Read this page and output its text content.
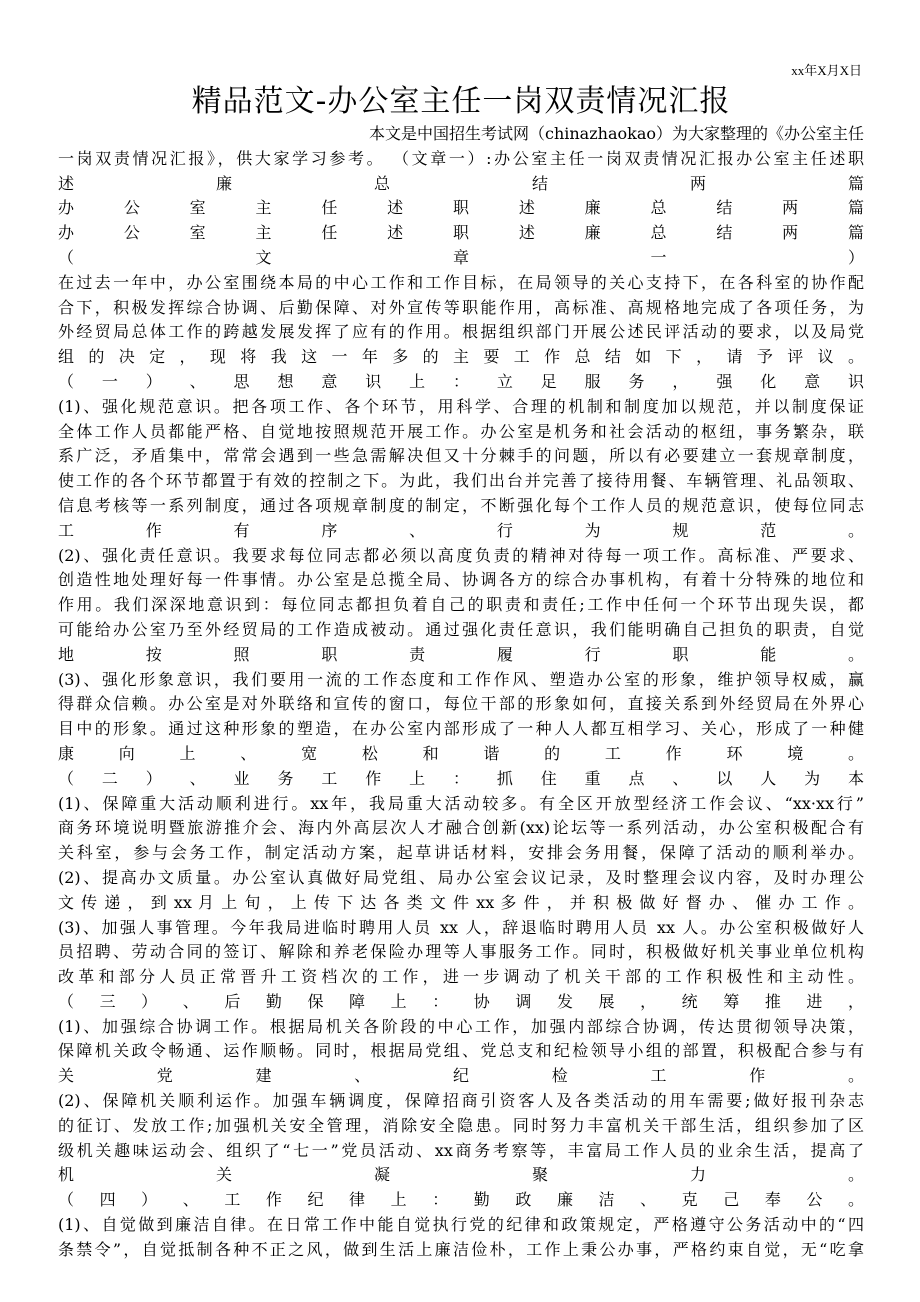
xx年X月X日
精品范文-办公室主任一岗双责情况汇报
本文是中国招生考试网（chinazhaokao）为大家整理的《办公室主任
一岗双责情况汇报》，供大家学习参考。 （文章一）:办公室主任一岗双责情况汇报办公室主任述职
述 廉 总 结 两 篇
办 公 室 主 任 述 职 述 廉 总 结 两 篇
办 公 室 主 任 述 职 述 廉 总 结 两 篇
（ 文 章 一 ）
在过去一年中，办公室围绕本局的中心工作和工作目标，在局领导的关心支持下，在各科室的协作配
合下，积极发挥综合协调、后勤保障、对外宣传等职能作用，高标准、高规格地完成了各项任务，为
外经贸局总体工作的跨越发展发挥了应有的作用。根据组织部门开展公述民评活动的要求，以及局党
组 的 决 定 ， 现 将 我 这 一 年 多 的 主 要 工 作 总 结 如 下 ， 请 予 评 议 。
（ 一 ） 、 思 想 意 识 上 ： 立 足 服 务 ， 强 化 意 识
(1)、强化规范意识。把各项工作、各个环节，用科学、合理的机制和制度加以规范，并以制度保证
全体工作人员都能严格、自觉地按照规范开展工作。办公室是机务和社会活动的枢纽，事务繁杂，联
系广泛，矛盾集中，常常会遇到一些急需解决但又十分棘手的问题，所以有必要建立一套规章制度，
使工作的各个环节都置于有效的控制之下。为此，我们出台并完善了接待用餐、车辆管理、礼品领取、
信息考核等一系列制度，通过各项规章制度的制定，不断强化每个工作人员的规范意识，使每位同志
工 作 有 序 、 行 为 规 范 。
(2)、强化责任意识。我要求每位同志都必须以高度负责的精神对待每一项工作。高标准、严要求、
创造性地处理好每一件事情。办公室是总揽全局、协调各方的综合办事机构，有着十分特殊的地位和
作用。我们深深地意识到：每位同志都担负着自己的职责和责任;工作中任何一个环节出现失误，都
可能给办公室乃至外经贸局的工作造成被动。通过强化责任意识，我们能明确自己担负的职责，自觉
地 按 照 职 责 履 行 职 能 。
(3)、强化形象意识，我们要用一流的工作态度和工作作风、塑造办公室的形象，维护领导权威，赢
得群众信赖。办公室是对外联络和宣传的窗口，每位干部的形象如何，直接关系到外经贸局在外界心
目中的形象。通过这种形象的塑造，在办公室内部形成了一种人人都互相学习、关心，形成了一种健
康 向 上 、 宽 松 和 谐 的 工 作 环 境 。
（ 二 ） 、 业 务 工 作 上 ： 抓 住 重 点 、 以 人 为 本
(1)、保障重大活动顺利进行。xx年，我局重大活动较多。有全区开放型经济工作会议、“xx·xx行”
商务环境说明暨旅游推介会、海内外高层次人才融合创新(xx)论坛等一系列活动，办公室积极配合有
关科室，参与会务工作，制定活动方案，起草讲话材料，安排会务用餐，保障了活动的顺利举办。
(2)、提高办文质量。办公室认真做好局党组、局办公室会议记录，及时整理会议内容，及时办理公
文 传 递 ， 到 xx 月 上 旬 ， 上 传 下 达 各 类 文 件 xx 多 件 ， 并 积 极 做 好 督 办 、 催 办 工 作 。
(3)、加强人事管理。今年我局进临时聘用人员 xx 人，辞退临时聘用人员 xx 人。办公室积极做好人
员招聘、劳动合同的签订、解除和养老保险办理等人事服务工作。同时，积极做好机关事业单位机构
改革和部分人员正常晋升工资档次的工作，进一步调动了机关干部的工作积极性和主动性。
（ 三 ） 、 后 勤 保 障 上 ： 协 调 发 展 ， 统 筹 推 进 ，
(1)、加强综合协调工作。根据局机关各阶段的中心工作，加强内部综合协调，传达贯彻领导决策，
保障机关政令畅通、运作顺畅。同时，根据局党组、党总支和纪检领导小组的部置，积极配合参与有
关 党 建 、 纪 检 工 作 。
(2)、保障机关顺利运作。加强车辆调度，保障招商引资客人及各类活动的用车需要;做好报刊杂志
的征订、发放工作;加强机关安全管理，消除安全隐患。同时努力丰富机关干部生活，组织参加了区
级机关趣味运动会、组织了“七一”党员活动、xx商务考察等，丰富局工作人员的业余生活，提高了
机 关 凝 聚 力 。
（ 四 ） 、 工 作 纪 律 上 ： 勤 政 廉 洁 、 克 己 奉 公 。
(1)、自觉做到廉洁自律。在日常工作中能自觉执行党的纪律和政策规定，严格遵守公务活动中的“四
条禁令”，自觉抵制各种不正之风，做到生活上廉洁俭朴，工作上秉公办事，严格约束自觉，无“吃拿
